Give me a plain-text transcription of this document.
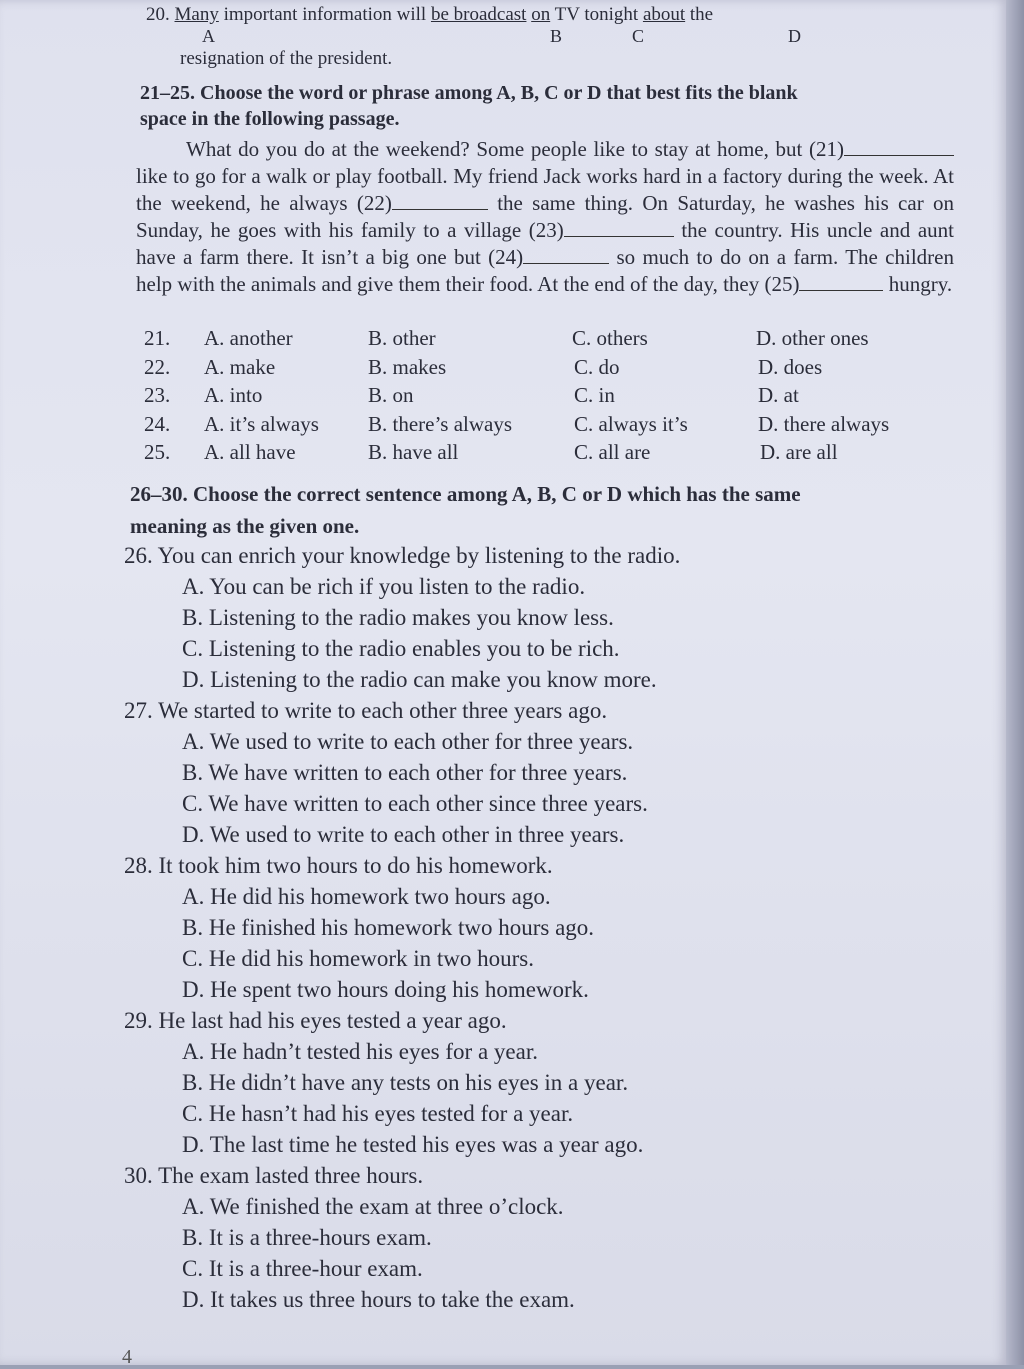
20. Many important information will be broadcast on TV tonight about the
A	B	C	D
resignation of the president.
21–25. Choose the word or phrase among A, B, C or D that best fits the blank
space in the following passage.

What do you do at the weekend? Some people like to stay at home, but (21) like to go for a walk or play football. My friend Jack works hard in a factory during the week. At the weekend, he always (22)	the same thing. On Saturday, he washes his car on Sunday, he goes with his family to a village (23)	the country. His uncle and aunt have a farm there. It isn’t a big one but (24)	so much to do on a farm. The children help with the animals and give them their food. At the end of the day, they (25)	hungry.

21. A. another	B. other	C. others	D. other ones
22. A. make	B. makes	C. do	D. does
23. A. into	B. on	C. in	D. at
24. A. it’s always B. there’s always	C. always it’s	D. there always
25. A. all have	B. have all	C. all are	D. are all
26–30. Choose the correct sentence among A, B, C or D which has the same
meaning as the given one.
26. You can enrich your knowledge by listening to the radio.
A. You can be rich if you listen to the radio.
B. Listening to the radio makes you know less.
C. Listening to the radio enables you to be rich.
D. Listening to the radio can make you know more.
27. We started to write to each other three years ago.
A. We used to write to each other for three years.
B. We have written to each other for three years.
C. We have written to each other since three years.
D. We used to write to each other in three years.
28. It took him two hours to do his homework.
A. He did his homework two hours ago.
B. He finished his homework two hours ago.
C. He did his homework in two hours.
D. He spent two hours doing his homework.
29. He last had his eyes tested a year ago.
A. He hadn’t tested his eyes for a year.
B. He didn’t have any tests on his eyes in a year.
C. He hasn’t had his eyes tested for a year.
D. The last time he tested his eyes was a year ago.
30. The exam lasted three hours.
A. We finished the exam at three o’clock.
B. It is a three-hours exam.
C. It is a three-hour exam.
D. It takes us three hours to take the exam.
4
